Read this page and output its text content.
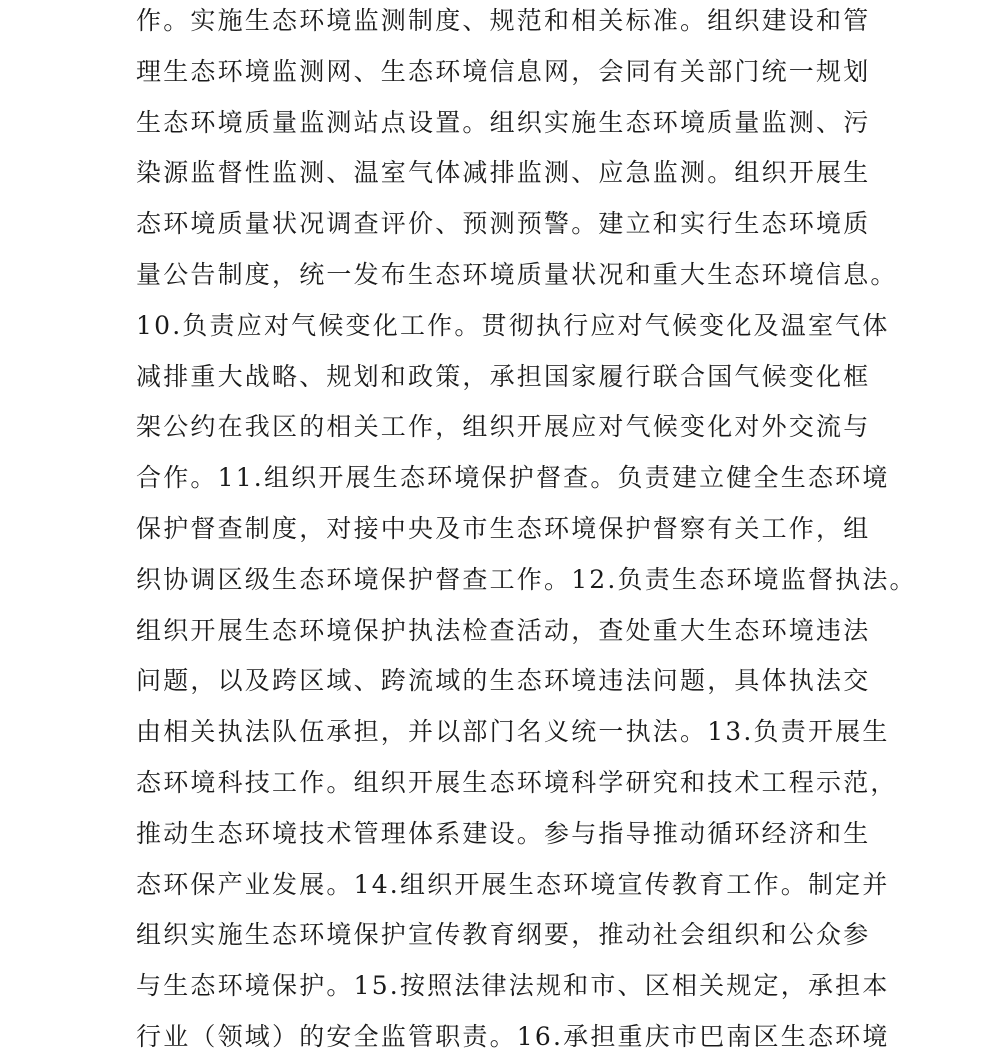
作。实施生态环境监测制度、规范和相关标准。组织建设和管
理生态环境监测网、生态环境信息网，会同有关部门统一规划
生态环境质量监测站点设置。组织实施生态环境质量监测、污
染源监督性监测、温室气体减排监测、应急监测。组织开展生
态环境质量状况调查评价、预测预警。建立和实行生态环境质
量公告制度，统一发布生态环境质量状况和重大生态环境信息。
10.负责应对气候变化工作。贯彻执行应对气候变化及温室气体
减排重大战略、规划和政策，承担国家履行联合国气候变化框
架公约在我区的相关工作，组织开展应对气候变化对外交流与
合作。11.组织开展生态环境保护督查。负责建立健全生态环境
保护督查制度，对接中央及市生态环境保护督察有关工作，组
织协调区级生态环境保护督查工作。12.负责生态环境监督执法。
组织开展生态环境保护执法检查活动，查处重大生态环境违法
问题，以及跨区域、跨流域的生态环境违法问题，具体执法交
由相关执法队伍承担，并以部门名义统一执法。13.负责开展生
态环境科技工作。组织开展生态环境科学研究和技术工程示范，
推动生态环境技术管理体系建设。参与指导推动循环经济和生
态环保产业发展。14.组织开展生态环境宣传教育工作。制定并
组织实施生态环境保护宣传教育纲要，推动社会组织和公众参
与生态环境保护。15.按照法律法规和市、区相关规定，承担本
行业（领域）的安全监管职责。16.承担重庆市巴南区生态环境
